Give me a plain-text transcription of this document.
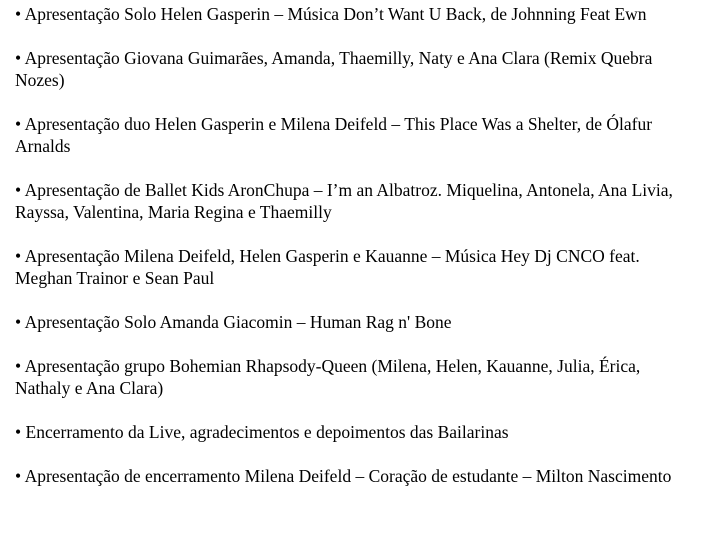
• Apresentação Solo Helen Gasperin – Música Don’t Want U Back, de Johnning Feat Ewn

• Apresentação Giovana Guimarães, Amanda, Thaemilly, Naty e Ana Clara (Remix Quebra Nozes)

• Apresentação duo Helen Gasperin e Milena Deifeld – This Place Was a Shelter, de Ólafur Arnalds

• Apresentação de Ballet Kids AronChupa – I’m an Albatroz. Miquelina, Antonela, Ana Livia, Rayssa, Valentina, Maria Regina e Thaemilly

• Apresentação Milena Deifeld, Helen Gasperin e Kauanne – Música Hey Dj CNCO feat. Meghan Trainor e Sean Paul

• Apresentação Solo Amanda Giacomin – Human Rag n' Bone

• Apresentação grupo Bohemian Rhapsody-Queen (Milena, Helen, Kauanne, Julia, Érica, Nathaly e Ana Clara)

• Encerramento da Live, agradecimentos e depoimentos das Bailarinas

• Apresentação de encerramento Milena Deifeld – Coração de estudante – Milton Nascimento
